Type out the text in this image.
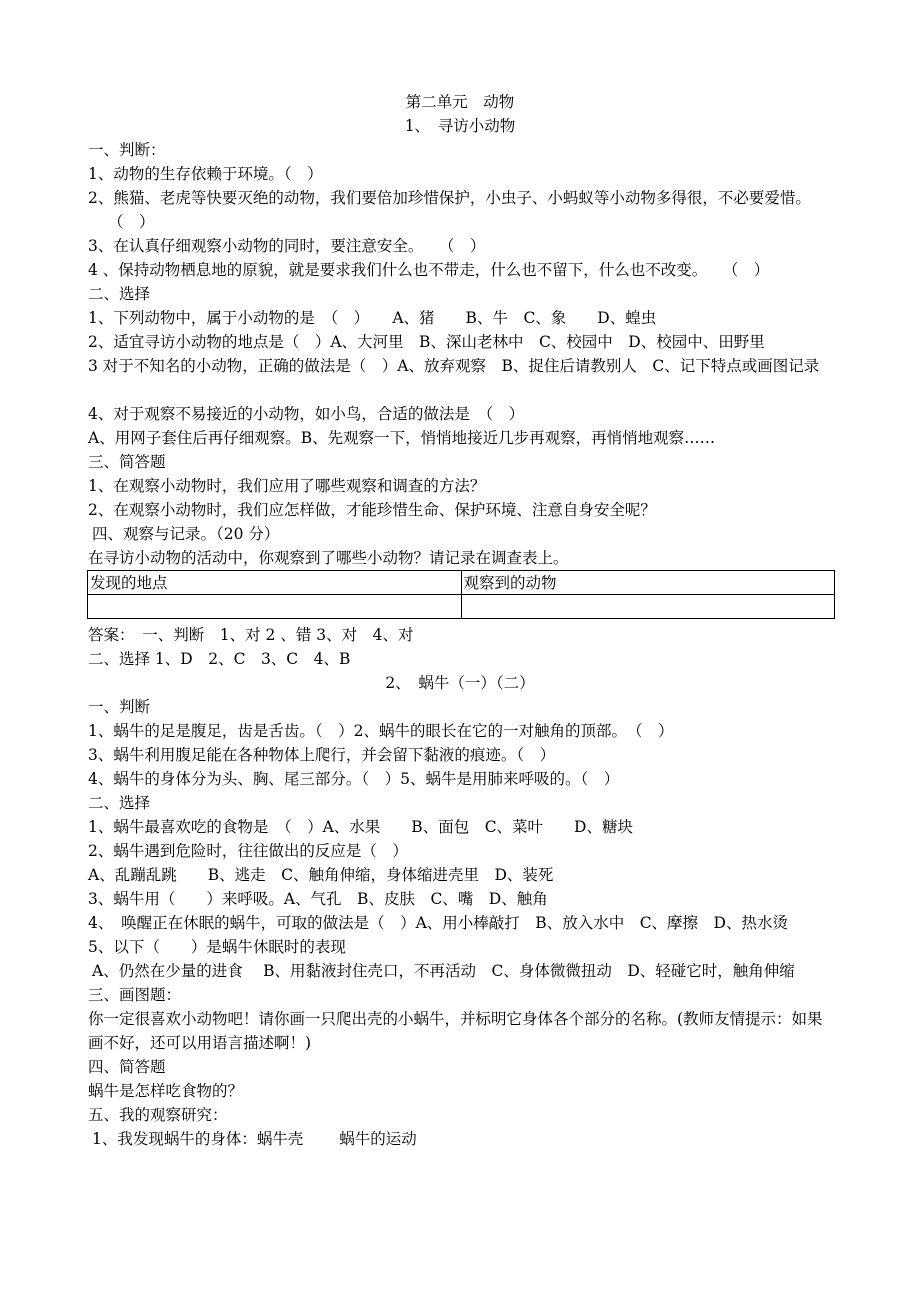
第二单元　动物
1、　寻访小动物
一、判断：
1、动物的生存依赖于环境。（　）
2、熊猫、老虎等快要灭绝的动物，我们要倍加珍惜保护，小虫子、小蚂蚁等小动物多得很，不必要爱惜。
（　）
3、在认真仔细观察小动物的同时，要注意安全。　　（　）
4 、保持动物栖息地的原貌，就是要求我们什么也不带走，什么也不留下，什么也不改变。　　（　）
二、选择
1、下列动物中，属于小动物的是　（　）　　A、猪　　B、牛　C、象　　D、蝗虫
2、适宜寻访小动物的地点是（　）A、大河里　B、深山老林中　C、校园中　D、校园中、田野里
3 对于不知名的小动物，正确的做法是（　）A、放弃观察　B、捉住后请教别人　C、记下特点或画图记录
4、对于观察不易接近的小动物，如小鸟，合适的做法是　（　）
A、用网子套住后再仔细观察。B、先观察一下，悄悄地接近几步再观察，再悄悄地观察……
三、简答题
1、在观察小动物时，我们应用了哪些观察和调查的方法？
2、在观察小动物时，我们应怎样做，才能珍惜生命、保护环境、注意自身安全呢？
四、观察与记录。（20 分）
在寻访小动物的活动中，你观察到了哪些小动物？请记录在调查表上。
发现的地点	观察到的动物

答案：　一、判断　1、对 2 、错 3、对　4、对
二、选择 1、D　2、C　3、C　4、B
2、　蜗牛（一）（二）
一、判断
1、蜗牛的足是腹足，齿是舌齿。（　）2、蜗牛的眼长在它的一对触角的顶部。　（　）
3、蜗牛利用腹足能在各种物体上爬行，并会留下黏液的痕迹。（　）
4、蜗牛的身体分为头、胸、尾三部分。（　）5、蜗牛是用肺来呼吸的。（　）
二、选择
1、蜗牛最喜欢吃的食物是　（　）A、水果　　B、面包　C、菜叶　　D、糖块
2、蜗牛遇到危险时，往往做出的反应是（　）
A、乱蹦乱跳　　B、逃走　C、触角伸缩，身体缩进壳里　D、装死
3、蜗牛用（　　）来呼吸。A、气孔　B、皮肤　C、嘴　D、触角
4、　唤醒正在休眠的蜗牛，可取的做法是（　）A、用小棒敲打　B、放入水中　C、摩擦　D、热水烫
5、以下（　　）是蜗牛休眠时的表现
A、仍然在少量的进食　 B、用黏液封住壳口，不再活动　C、身体微微扭动　D、轻碰它时，触角伸缩
三、画图题：
你一定很喜欢小动物吧！请你画一只爬出壳的小蜗牛，并标明它身体各个部分的名称。(教师友情提示：如果画不好，还可以用语言描述啊！)
四、简答题
蜗牛是怎样吃食物的？
五、我的观察研究：
1、我发现蜗牛的身体：蜗牛壳　　 蜗牛的运动
